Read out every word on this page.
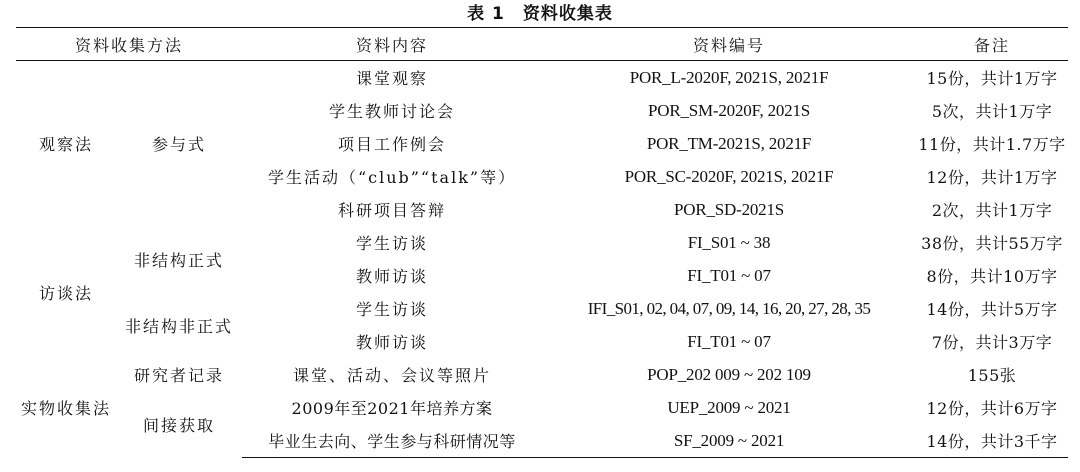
表 1 资料收集表
资料收集方法		资料内容	资料编号	备注
观察法	参与式	课堂观察	POR_L-2020F, 2021S, 2021F	15份，共计1万字
		学生教师讨论会	POR_SM-2020F, 2021S	5次，共计1万字
		项目工作例会	POR_TM-2021S, 2021F	11份，共计1.7万字
		学生活动（“club”“talk”等）	POR_SC-2020F, 2021S, 2021F	12份，共计1万字
		科研项目答辩	POR_SD-2021S	2次，共计1万字
访谈法	非结构正式	学生访谈	FI_S01 ~ 38	38份，共计55万字
		教师访谈	FI_T01 ~ 07	8份，共计10万字
	非结构非正式	学生访谈	IFI_S01, 02, 04, 07, 09, 14, 16, 20, 27, 28, 35	14份，共计5万字
		教师访谈	FI_T01 ~ 07	7份，共计3万字
实物收集法	研究者记录	课堂、活动、会议等照片	POP_202 009 ~ 202 109	155张
	间接获取	2009年至2021年培养方案	UEP_2009 ~ 2021	12份，共计6万字
		毕业生去向、学生参与科研情况等	SF_2009 ~ 2021	14份，共计3千字
